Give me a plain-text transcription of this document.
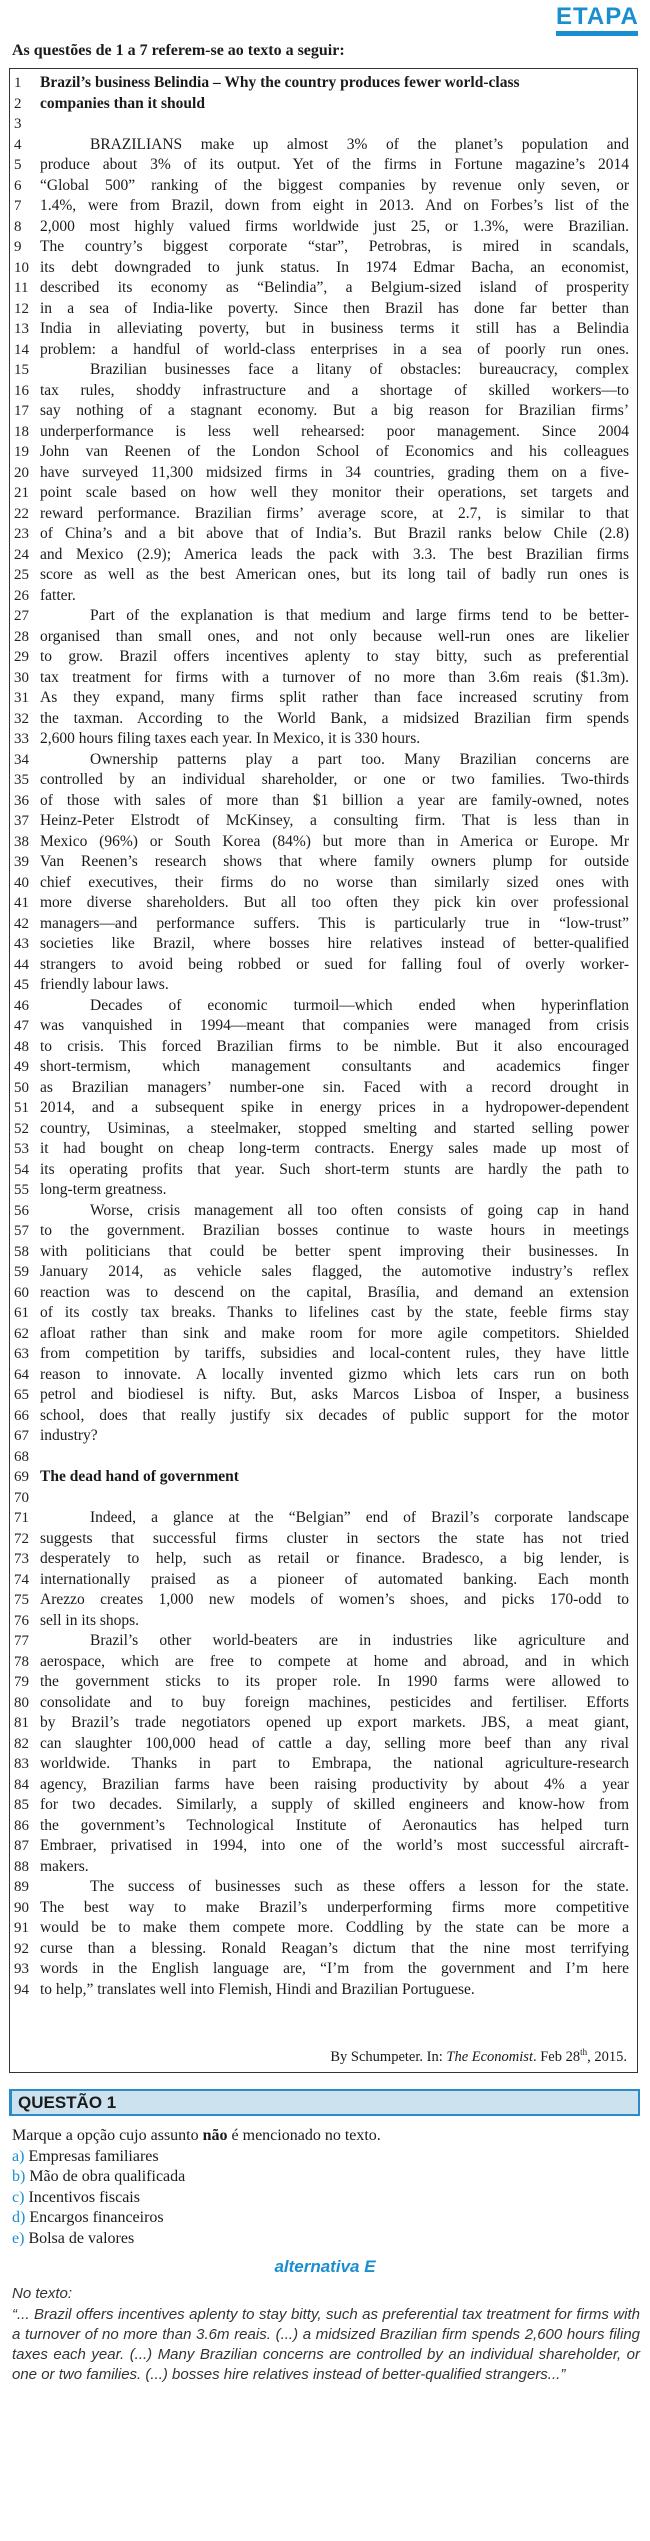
ETAPA
As questões de 1 a 7 referem-se ao texto a seguir:
1	Brazil’s business Belindia – Why the country produces fewer world-class
2	companies than it should
3
4	BRAZILIANS make up almost 3% of the planet’s population and
5	produce about 3% of its output. Yet of the firms in Fortune magazine’s 2014
6	“Global 500” ranking of the biggest companies by revenue only seven, or
7	1.4%, were from Brazil, down from eight in 2013. And on Forbes’s list of the
8	2,000 most highly valued firms worldwide just 25, or 1.3%, were Brazilian.
9	The country’s biggest corporate “star”, Petrobras, is mired in scandals,
10 its debt downgraded to junk status. In 1974 Edmar Bacha, an economist,
11 described its economy as “Belindia”, a Belgium-sized island of prosperity
12 in a sea of India-like poverty. Since then Brazil has done far better than
13 India in alleviating poverty, but in business terms it still has a Belindia
14 problem: a handful of world-class enterprises in a sea of poorly run ones.
15	Brazilian businesses face a litany of obstacles: bureaucracy, complex
16 tax rules, shoddy infrastructure and a shortage of skilled workers—to
17 say nothing of a stagnant economy. But a big reason for Brazilian firms’
18 underperformance is less well rehearsed: poor management. Since 2004
19 John van Reenen of the London School of Economics and his colleagues
20 have surveyed 11,300 midsized firms in 34 countries, grading them on a five-
21 point scale based on how well they monitor their operations, set targets and
22 reward performance. Brazilian firms’ average score, at 2.7, is similar to that
23 of China’s and a bit above that of India’s. But Brazil ranks below Chile (2.8)
24 and Mexico (2.9); America leads the pack with 3.3. The best Brazilian firms
25 score as well as the best American ones, but its long tail of badly run ones is
26 fatter.
27	Part of the explanation is that medium and large firms tend to be better-
28 organised than small ones, and not only because well-run ones are likelier
29 to grow. Brazil offers incentives aplenty to stay bitty, such as preferential
30 tax treatment for firms with a turnover of no more than 3.6m reais ($1.3m).
31 As they expand, many firms split rather than face increased scrutiny from
32 the taxman. According to the World Bank, a midsized Brazilian firm spends
33 2,600 hours filing taxes each year. In Mexico, it is 330 hours.
34	Ownership patterns play a part too. Many Brazilian concerns are
35 controlled by an individual shareholder, or one or two families. Two-thirds
36 of those with sales of more than $1 billion a year are family-owned, notes
37 Heinz-Peter Elstrodt of McKinsey, a consulting firm. That is less than in
38 Mexico (96%) or South Korea (84%) but more than in America or Europe. Mr
39 Van Reenen’s research shows that where family owners plump for outside
40 chief executives, their firms do no worse than similarly sized ones with
41 more diverse shareholders. But all too often they pick kin over professional
42 managers—and performance suffers. This is particularly true in “low-trust”
43 societies like Brazil, where bosses hire relatives instead of better-qualified
44 strangers to avoid being robbed or sued for falling foul of overly worker-
45 friendly labour laws.
46	Decades of economic turmoil—which ended when hyperinflation
47 was vanquished in 1994—meant that companies were managed from crisis
48 to crisis. This forced Brazilian firms to be nimble. But it also encouraged
49 short-termism, which management consultants and academics finger
50 as Brazilian managers’ number-one sin. Faced with a record drought in
51 2014, and a subsequent spike in energy prices in a hydropower-dependent
52 country, Usiminas, a steelmaker, stopped smelting and started selling power
53 it had bought on cheap long-term contracts. Energy sales made up most of
54 its operating profits that year. Such short-term stunts are hardly the path to
55 long-term greatness.
56	Worse, crisis management all too often consists of going cap in hand
57 to the government. Brazilian bosses continue to waste hours in meetings
58 with politicians that could be better spent improving their businesses. In
59 January 2014, as vehicle sales flagged, the automotive industry’s reflex
60 reaction was to descend on the capital, Brasília, and demand an extension
61 of its costly tax breaks. Thanks to lifelines cast by the state, feeble firms stay
62 afloat rather than sink and make room for more agile competitors. Shielded
63 from competition by tariffs, subsidies and local-content rules, they have little
64 reason to innovate. A locally invented gizmo which lets cars run on both
65 petrol and biodiesel is nifty. But, asks Marcos Lisboa of Insper, a business
66 school, does that really justify six decades of public support for the motor
67 industry?
68
69 The dead hand of government
70
71	Indeed, a glance at the “Belgian” end of Brazil’s corporate landscape
72 suggests that successful firms cluster in sectors the state has not tried
73 desperately to help, such as retail or finance. Bradesco, a big lender, is
74 internationally praised as a pioneer of automated banking. Each month
75 Arezzo creates 1,000 new models of women’s shoes, and picks 170-odd to
76 sell in its shops.
77	Brazil’s other world-beaters are in industries like agriculture and
78 aerospace, which are free to compete at home and abroad, and in which
79 the government sticks to its proper role. In 1990 farms were allowed to
80 consolidate and to buy foreign machines, pesticides and fertiliser. Efforts
81 by Brazil’s trade negotiators opened up export markets. JBS, a meat giant,
82 can slaughter 100,000 head of cattle a day, selling more beef than any rival
83 worldwide. Thanks in part to Embrapa, the national agriculture-research
84 agency, Brazilian farms have been raising productivity by about 4% a year
85 for two decades. Similarly, a supply of skilled engineers and know-how from
86 the government’s Technological Institute of Aeronautics has helped turn
87 Embraer, privatised in 1994, into one of the world’s most successful aircraft-
88 makers.
89	The success of businesses such as these offers a lesson for the state.
90 The best way to make Brazil’s underperforming firms more competitive
91 would be to make them compete more. Coddling by the state can be more a
92 curse than a blessing. Ronald Reagan’s dictum that the nine most terrifying
93 words in the English language are, “I’m from the government and I’m here
94 to help,” translates well into Flemish, Hindi and Brazilian Portuguese.
By Schumpeter. In: The Economist. Feb 28th, 2015.
QUESTÃO 1
Marque a opção cujo assunto não é mencionado no texto.
a) Empresas familiares
b) Mão de obra qualificada
c) Incentivos fiscais
d) Encargos financeiros
e) Bolsa de valores
alternativa E
No texto:
“... Brazil offers incentives aplenty to stay bitty, such as preferential tax treatment for firms with a turnover of no more than 3.6m reais. (...) a midsized Brazilian firm spends 2,600 hours filing taxes each year. (...) Many Brazilian concerns are controlled by an individual shareholder, or one or two families. (...) bosses hire relatives instead of better-qualified strangers...”
